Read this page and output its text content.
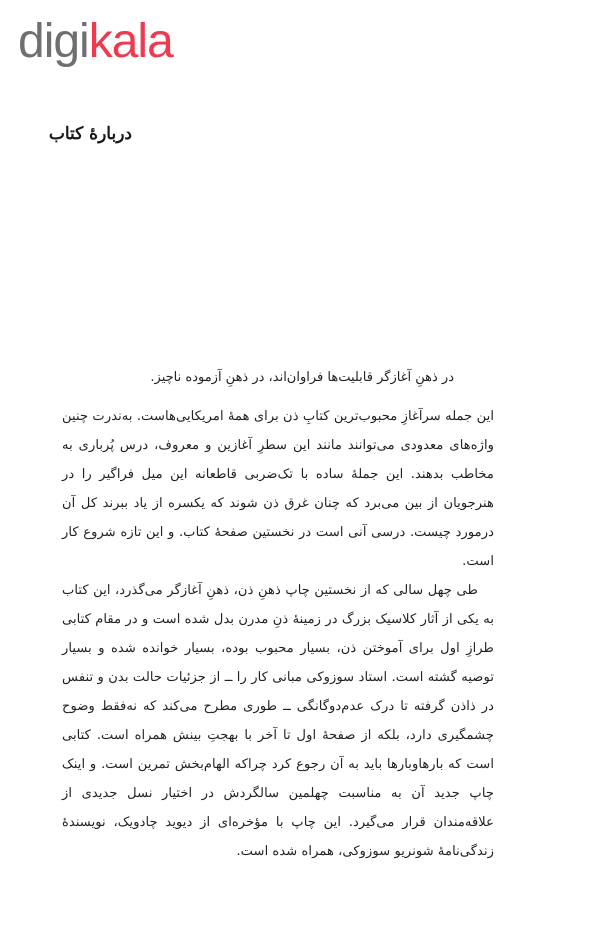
digikala
دربارهٔ کتاب
در ذهنِ آغازگر قابلیت‌ها فراوان‌اند، در ذهنِ آزموده ناچیز.

این جمله سرآغازِ محبوب‌ترین کتابِ ذن برای همهٔ امریکایی‌هاست. به‌ندرت چنین واژه‌های معدودی می‌توانند مانند این سطرِ آغازین و معروف، درس پُرباری به مخاطب بدهند. این جملهٔ ساده با تک‌ضربی قاطعانه این میل فراگیر را در هنرجویان از بین می‌برد که چنان غرق ذن شوند که یکسره از یاد ببرند کل آن درمورد چیست. درسی آنی است در نخستین صفحهٔ کتاب. و این تازه شروع کار است.

طی چهل سالی که از نخستین چاپ ذهنِ ذن، ذهنِ آغازگر می‌گذرد، این کتاب به یکی از آثار کلاسیک بزرگ در زمینهٔ ذنِ مدرن بدل شده است و در مقام کتابی طرازِ اول برای آموختن ذن، بسیار محبوب بوده، بسیار خوانده شده و بسیار توصیه گشته است. استاد سوزوکی مبانی کار را ــ از جزئیات حالت بدن و تنفس در ذاذن گرفته تا درک عدم‌دوگانگی ــ طوری مطرح می‌کند که نه‌فقط وضوح چشمگیری دارد، بلکه از صفحهٔ اول تا آخر با بهجتِ بینش همراه است. کتابی است که بارها‌و‌بارها باید به آن رجوع کرد چراکه الهام‌بخش تمرین است. و اینک چاپ جدید آن به مناسبت چهلمین سالگردش در اختیار نسل جدیدی از علاقه‌مندان قرار می‌گیرد. این چاپ با مؤخره‌ای از دیوید چادویک، نویسندهٔ زندگی‌نامهٔ شونریو سوزوکی، همراه شده است.
